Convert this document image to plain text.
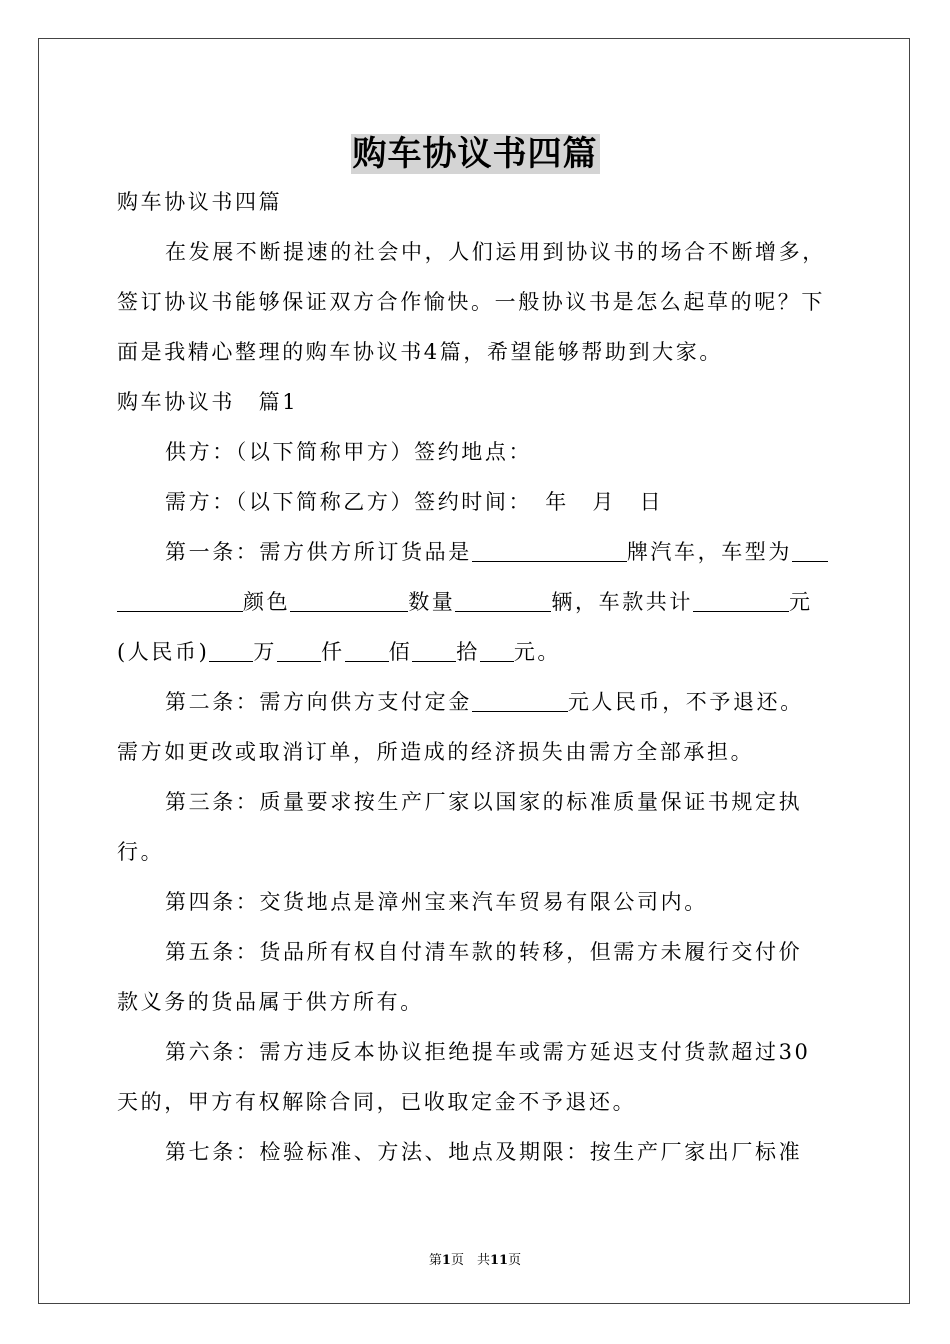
购车协议书四篇
购车协议书四篇
在发展不断提速的社会中，人们运用到协议书的场合不断增多，
签订协议书能够保证双方合作愉快。一般协议书是怎么起草的呢？下
面是我精心整理的购车协议书4篇，希望能够帮助到大家。
购车协议书　篇1
供方：（以下简称甲方）签约地点：
需方：（以下简称乙方）签约时间：　年　月　日
第一条：需方供方所订货品是	牌汽车，车型为
颜色	数量	辆，车款共计	元
(人民币) 万 仟 佰 拾 元。
第二条：需方向供方支付定金	元人民币，不予退还。
需方如更改或取消订单，所造成的经济损失由需方全部承担。
第三条：质量要求按生产厂家以国家的标准质量保证书规定执
行。
第四条：交货地点是漳州宝来汽车贸易有限公司内。
第五条：货品所有权自付清车款的转移，但需方未履行交付价
款义务的货品属于供方所有。
第六条：需方违反本协议拒绝提车或需方延迟支付货款超过30
天的，甲方有权解除合同，已收取定金不予退还。
第七条：检验标准、方法、地点及期限：按生产厂家出厂标准
第1页　共11页
